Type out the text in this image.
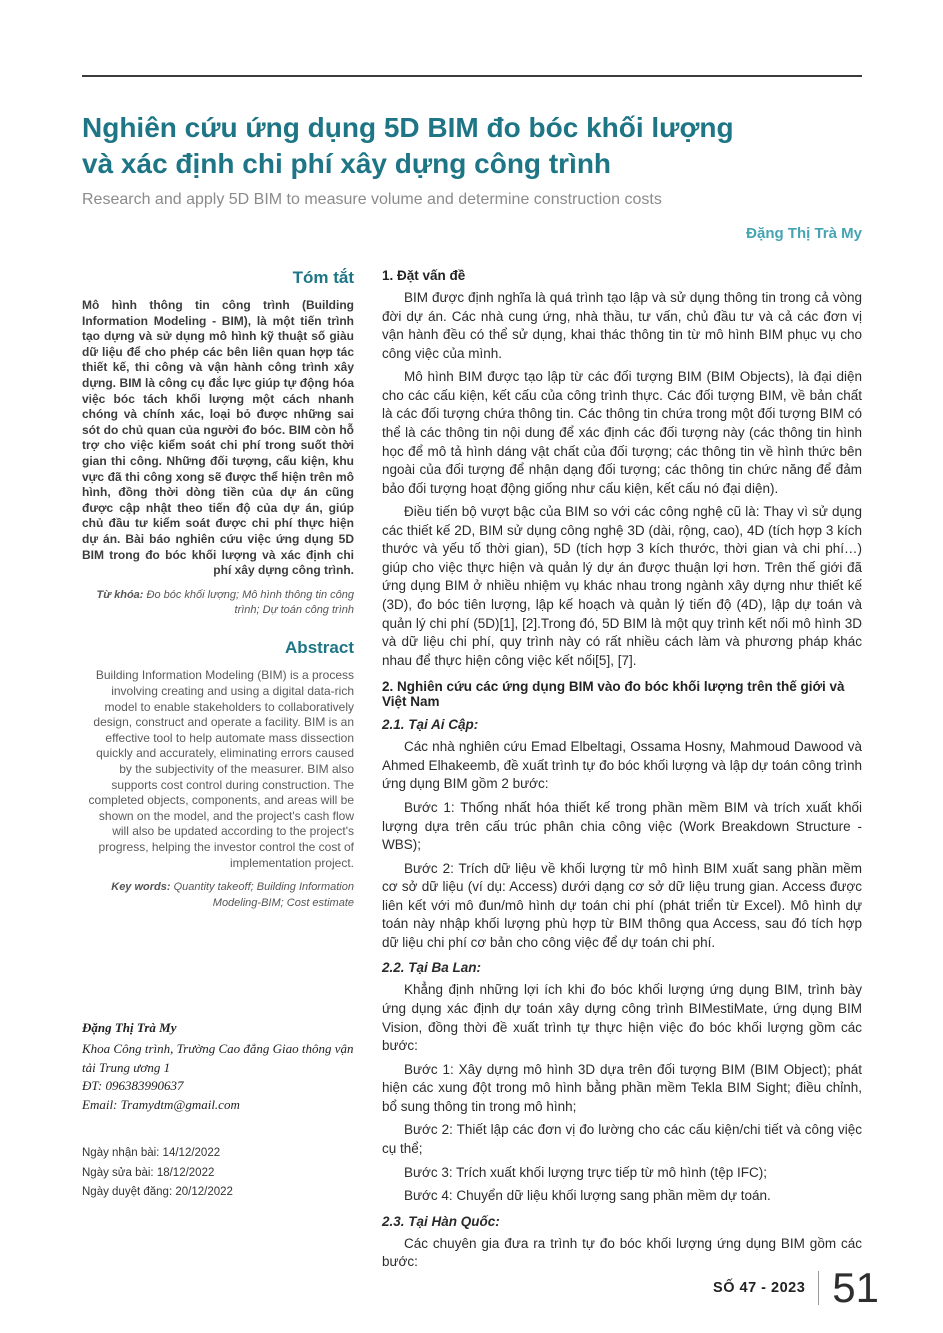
Nghiên cứu ứng dụng 5D BIM đo bóc khối lượng
và xác định chi phí xây dựng công trình
Research and apply 5D BIM to measure volume and determine construction costs
Đặng Thị Trà My
Tóm tắt

Mô hình thông tin công trình (Building Information Modeling - BIM), là một tiến trình tạo dựng và sử dụng mô hình kỹ thuật số giàu dữ liệu để cho phép các bên liên quan hợp tác thiết kế, thi công và vận hành công trình xây dựng. BIM là công cụ đắc lực giúp tự động hóa việc bóc tách khối lượng một cách nhanh chóng và chính xác, loại bỏ được những sai sót do chủ quan của người đo bóc. BIM còn hỗ trợ cho việc kiểm soát chi phí trong suốt thời gian thi công. Những đối tượng, cấu kiện, khu vực đã thi công xong sẽ được thể hiện trên mô hình, đồng thời dòng tiền của dự án cũng được cập nhật theo tiến độ của dự án, giúp chủ đầu tư kiểm soát được chi phí thực hiện dự án. Bài báo nghiên cứu việc ứng dụng 5D BIM trong đo bóc khối lượng và xác định chi phí xây dựng công trình.

Từ khóa: Đo bóc khối lượng; Mô hình thông tin công trình; Dự toán công trình

Abstract

Building Information Modeling (BIM) is a process involving creating and using a digital data-rich model to enable stakeholders to collaboratively design, construct and operate a facility. BIM is an effective tool to help automate mass dissection quickly and accurately, eliminating errors caused by the subjectivity of the measurer. BIM also supports cost control during construction. The completed objects, components, and areas will be shown on the model, and the project's cash flow will also be updated according to the project's progress, helping the investor control the cost of implementation project.

Key words: Quantity takeoff; Building Information Modeling-BIM; Cost estimate

Đặng Thị Trà My
Khoa Công trình, Trường Cao đẳng Giao thông vận tải Trung ương 1
ĐT: 096383990637
Email: Tramydtm@gmail.com
Ngày nhận bài: 14/12/2022
Ngày sửa bài: 18/12/2022
Ngày duyệt đăng: 20/12/2022
1. Đặt vấn đề

BIM được định nghĩa là quá trình tạo lập và sử dụng thông tin trong cả vòng đời dự án. Các nhà cung ứng, nhà thầu, tư vấn, chủ đầu tư và cả các đơn vị vận hành đều có thể sử dụng, khai thác thông tin từ mô hình BIM phục vụ cho công việc của mình.

Mô hình BIM được tạo lập từ các đối tượng BIM (BIM Objects), là đại diện cho các cấu kiện, kết cấu của công trình thực. Các đối tượng BIM, về bản chất là các đối tượng chứa thông tin. Các thông tin chứa trong một đối tượng BIM có thể là các thông tin nội dung để xác định các đối tượng này (các thông tin hình học để mô tả hình dáng vật chất của đối tượng; các thông tin về hình thức bên ngoài của đối tượng để nhận dạng đối tượng; các thông tin chức năng để đảm bảo đối tượng hoạt động giống như cấu kiện, kết cấu nó đại diện).

Điều tiến bộ vượt bậc của BIM so với các công nghệ cũ là: Thay vì sử dụng các thiết kế 2D, BIM sử dụng công nghệ 3D (dài, rộng, cao), 4D (tích hợp 3 kích thước và yếu tố thời gian), 5D (tích hợp 3 kích thước, thời gian và chi phí…) giúp cho việc thực hiện và quản lý dự án được thuận lợi hơn. Trên thế giới đã ứng dụng BIM ở nhiều nhiệm vụ khác nhau trong ngành xây dựng như thiết kế (3D), đo bóc tiên lượng, lập kế hoạch và quản lý tiến độ (4D), lập dự toán và quản lý chi phí (5D)[1], [2].Trong đó, 5D BIM là một quy trình kết nối mô hình 3D và dữ liệu chi phí, quy trình này có rất nhiều cách làm và phương pháp khác nhau để thực hiện công việc kết nối[5], [7].

2. Nghiên cứu các ứng dụng BIM vào đo bóc khối lượng trên thế giới và Việt Nam
2.1. Tại Ai Cập:

Các nhà nghiên cứu Emad Elbeltagi, Ossama Hosny, Mahmoud Dawood và Ahmed Elhakeemb, đề xuất trình tự đo bóc khối lượng và lập dự toán công trình ứng dụng BIM gồm 2 bước:

Bước 1: Thống nhất hóa thiết kế trong phần mềm BIM và trích xuất khối lượng dựa trên cấu trúc phân chia công việc (Work Breakdown Structure - WBS);

Bước 2: Trích dữ liệu về khối lượng từ mô hình BIM xuất sang phần mềm cơ sở dữ liệu (ví dụ: Access) dưới dạng cơ sở dữ liệu trung gian. Access được liên kết với mô đun/mô hình dự toán chi phí (phát triển từ Excel). Mô hình dự toán này nhập khối lượng phù hợp từ BIM thông qua Access, sau đó tích hợp dữ liệu chi phí cơ bản cho công việc để dự toán chi phí.

2.2. Tại Ba Lan:

Khẳng định những lợi ích khi đo bóc khối lượng ứng dụng BIM, trình bày ứng dụng xác định dự toán xây dựng công trình BIMestiMate, ứng dụng BIM Vision, đồng thời đề xuất trình tự thực hiện việc đo bóc khối lượng gồm các bước:

Bước 1: Xây dựng mô hình 3D dựa trên đối tượng BIM (BIM Object); phát hiện các xung đột trong mô hình bằng phần mềm Tekla BIM Sight; điều chỉnh, bổ sung thông tin trong mô hình;

Bước 2: Thiết lập các đơn vị đo lường cho các cấu kiện/chi tiết và công việc cụ thể;

Bước 3: Trích xuất khối lượng trực tiếp từ mô hình (tệp IFC);

Bước 4: Chuyển dữ liệu khối lượng sang phần mềm dự toán.

2.3. Tại Hàn Quốc:

Các chuyên gia đưa ra trình tự đo bóc khối lượng ứng dụng BIM gồm các bước:

SỐ 47 - 2023 51
